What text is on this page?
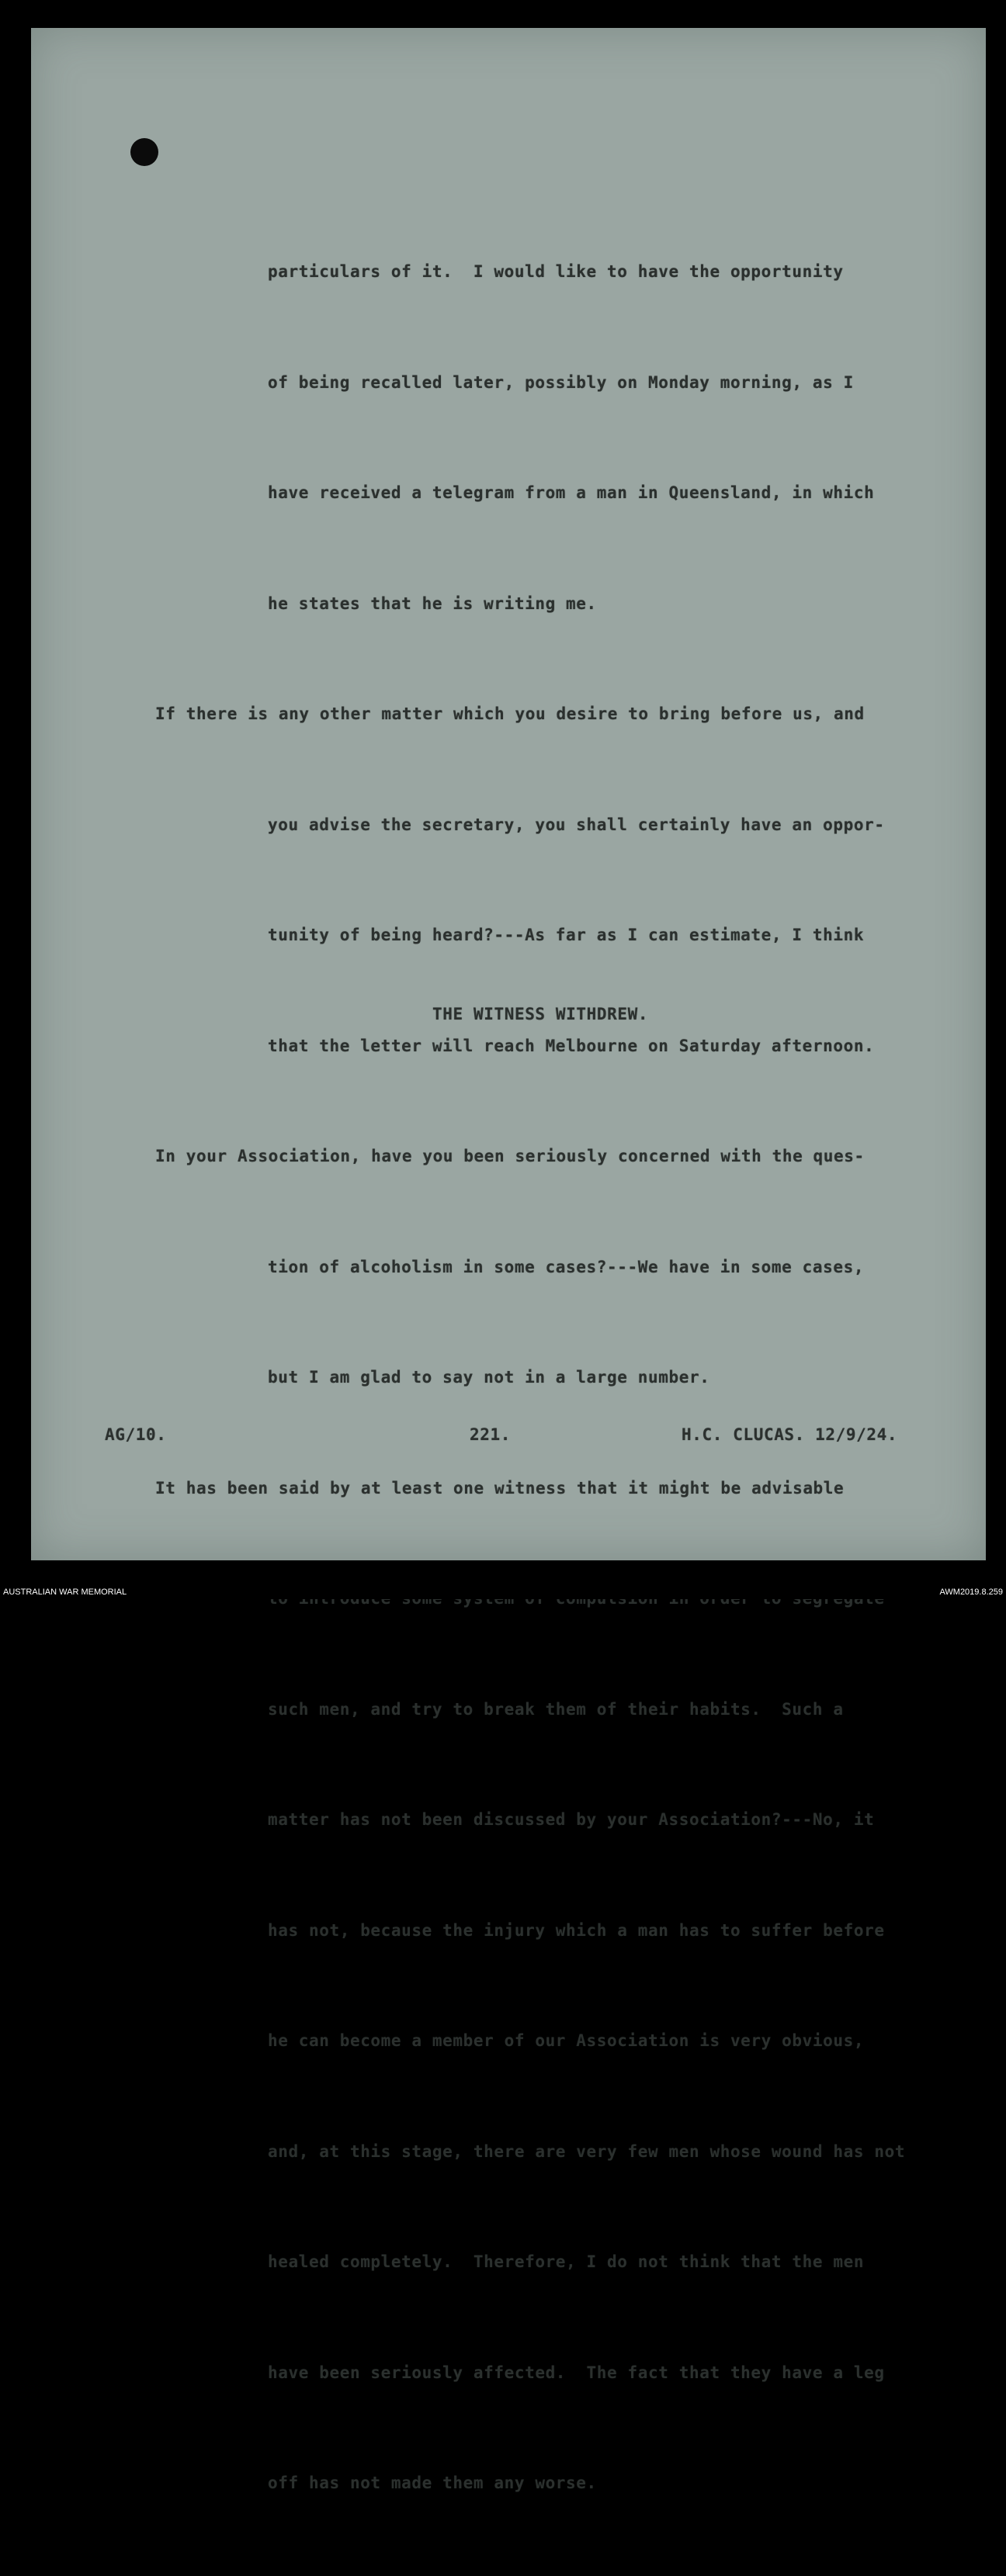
particulars of it.  I would like to have the opportunity

of being recalled later, possibly on Monday morning, as I

have received a telegram from a man in Queensland, in which

he states that he is writing me.

If there is any other matter which you desire to bring before us, and

you advise the secretary, you shall certainly have an oppor-

tunity of being heard?---As far as I can estimate, I think

that the letter will reach Melbourne on Saturday afternoon.

In your Association, have you been seriously concerned with the ques-

tion of alcoholism in some cases?---We have in some cases,

but I am glad to say not in a large number.

It has been said by at least one witness that it might be advisable

such men, and try to break them of their habits.  Such a

matter has not been discussed by your Association?---No, it

has not, because the injury which a man has to suffer before

he can become a member of our Association is very obvious,

and, at this stage, there are very few men whose wound has not

healed completely.  Therefore, I do not think that the men

have been seriously affected.  The fact that they have a leg

off has not made them any worse.

THE WITNESS WITHDREW.
AG/10.	221.	H.C. CLUCAS. 12/9/24.
AUSTRALIAN WAR MEMORIAL	AWM2019.8.259
